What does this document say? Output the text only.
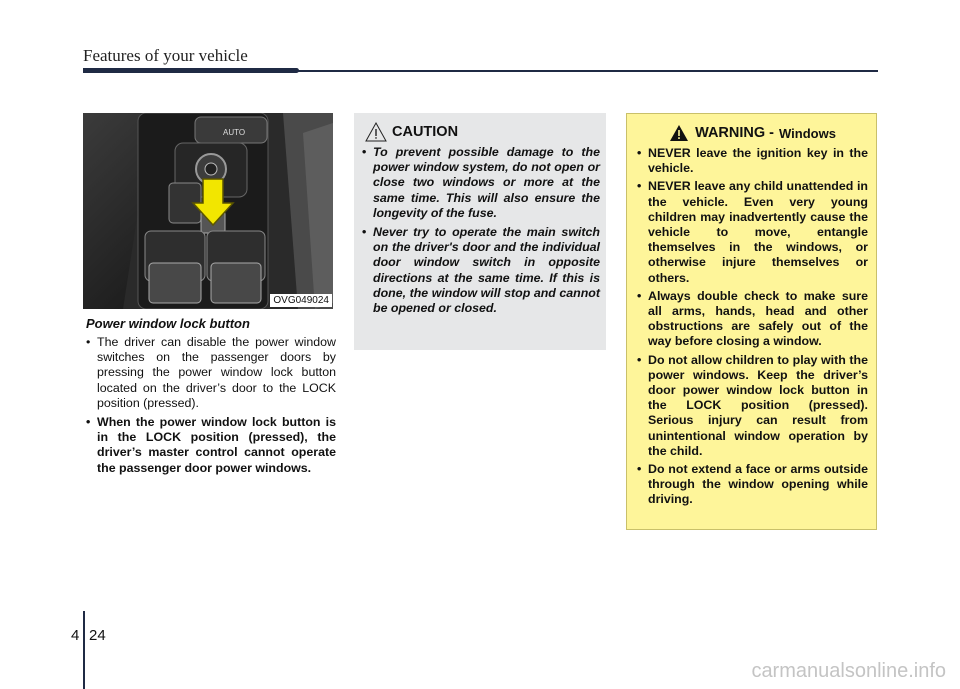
Features of your vehicle
AUTO
OVG049024
Power window lock button
• The driver can disable the power window switches on the passenger doors by pressing the power window lock button located on the driver’s door to the LOCK position (pressed).
• When the power window lock button is in the LOCK position (pressed), the driver’s master control cannot operate the passenger door power windows.
CAUTION
• To prevent possible damage to the power window system, do not open or close two windows or more at the same time. This will also ensure the longevity of the fuse.
• Never try to operate the main switch on the driver's door and the individual door window switch in opposite directions at the same time. If this is done, the window will stop and cannot be opened or closed.
WARNING - Windows
• NEVER leave the ignition key in the vehicle.
• NEVER leave any child unattended in the vehicle. Even very young children may inadvertently cause the vehicle to move, entangle themselves in the windows, or otherwise injure themselves or others.
• Always double check to make sure all arms, hands, head and other obstructions are safely out of the way before closing a window.
• Do not allow children to play with the power windows. Keep the driver’s door power window lock button in the LOCK position (pressed). Serious injury can result from unintentional window operation by the child.
• Do not extend a face or arms outside through the window opening while driving.
4 24
carmanualsonline.info
